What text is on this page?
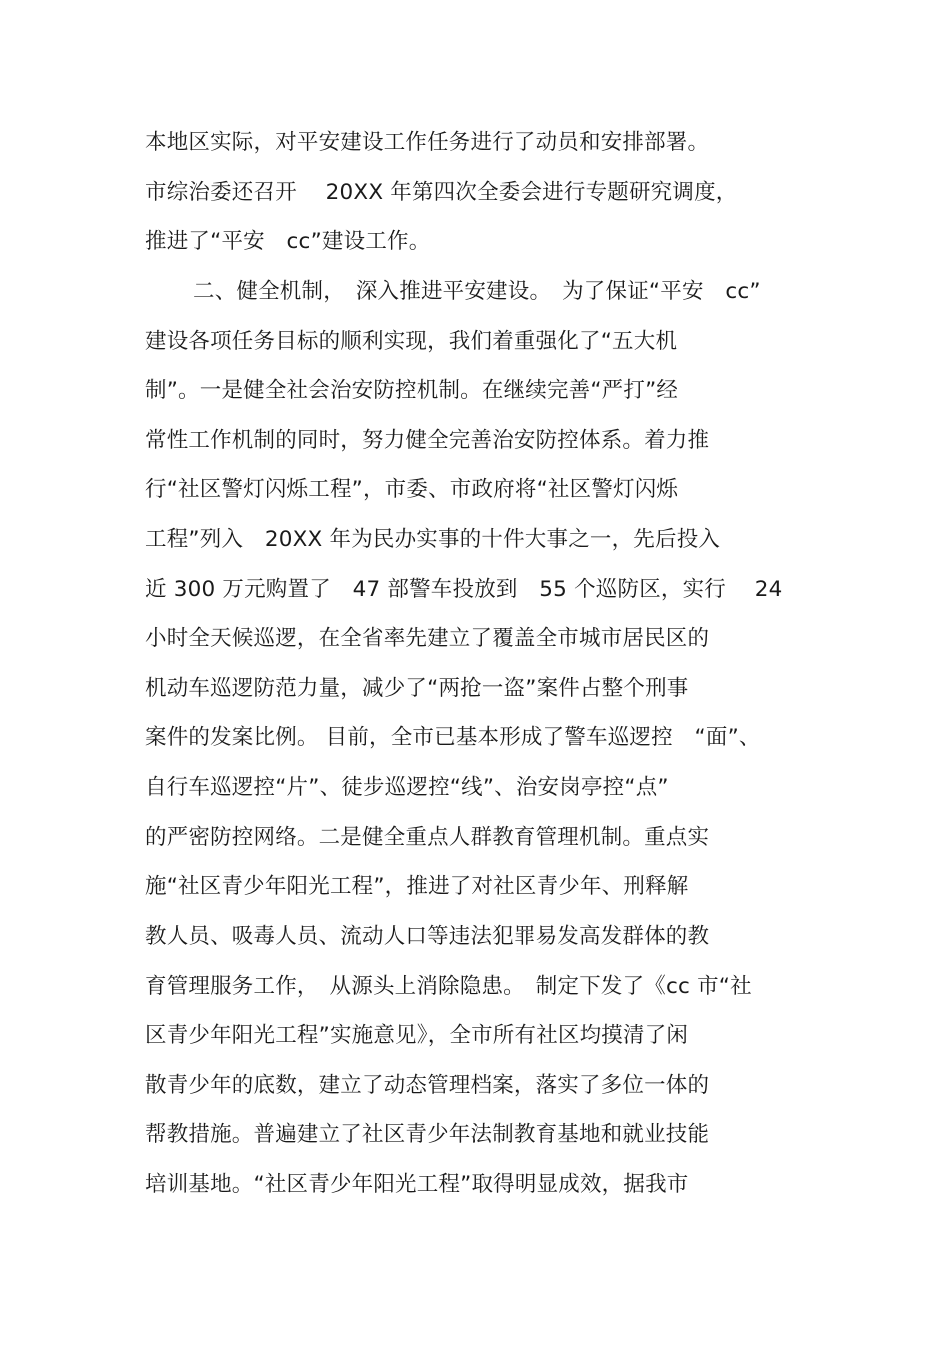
本地区实际，对平安建设工作任务进行了动员和安排部署。
市综治委还召开　 20XX 年第四次全委会进行专题研究调度，
推进了“平安　cc”建设工作。
二、健全机制，　深入推进平安建设。　为了保证“平安　cc”
建设各项任务目标的顺利实现，我们着重强化了“五大机
制”。一是健全社会治安防控机制。在继续完善“严打”经
常性工作机制的同时，努力健全完善治安防控体系。着力推
行“社区警灯闪烁工程”，市委、市政府将“社区警灯闪烁
工程”列入　20XX 年为民办实事的十件大事之一，先后投入
近 300 万元购置了　47 部警车投放到　55 个巡防区，实行　 24
小时全天候巡逻，在全省率先建立了覆盖全市城市居民区的
机动车巡逻防范力量，减少了“两抢一盗”案件占整个刑事
案件的发案比例。 目前，全市已基本形成了警车巡逻控　“面”、
自行车巡逻控“片”、徒步巡逻控“线”、治安岗亭控“点”
的严密防控网络。二是健全重点人群教育管理机制。重点实
施“社区青少年阳光工程”，推进了对社区青少年、刑释解
教人员、吸毒人员、流动人口等违法犯罪易发高发群体的教
育管理服务工作，　从源头上消除隐患。　制定下发了《cc 市“社
区青少年阳光工程”实施意见》，全市所有社区均摸清了闲
散青少年的底数，建立了动态管理档案，落实了多位一体的
帮教措施。普遍建立了社区青少年法制教育基地和就业技能
培训基地。“社区青少年阳光工程”取得明显成效，据我市
